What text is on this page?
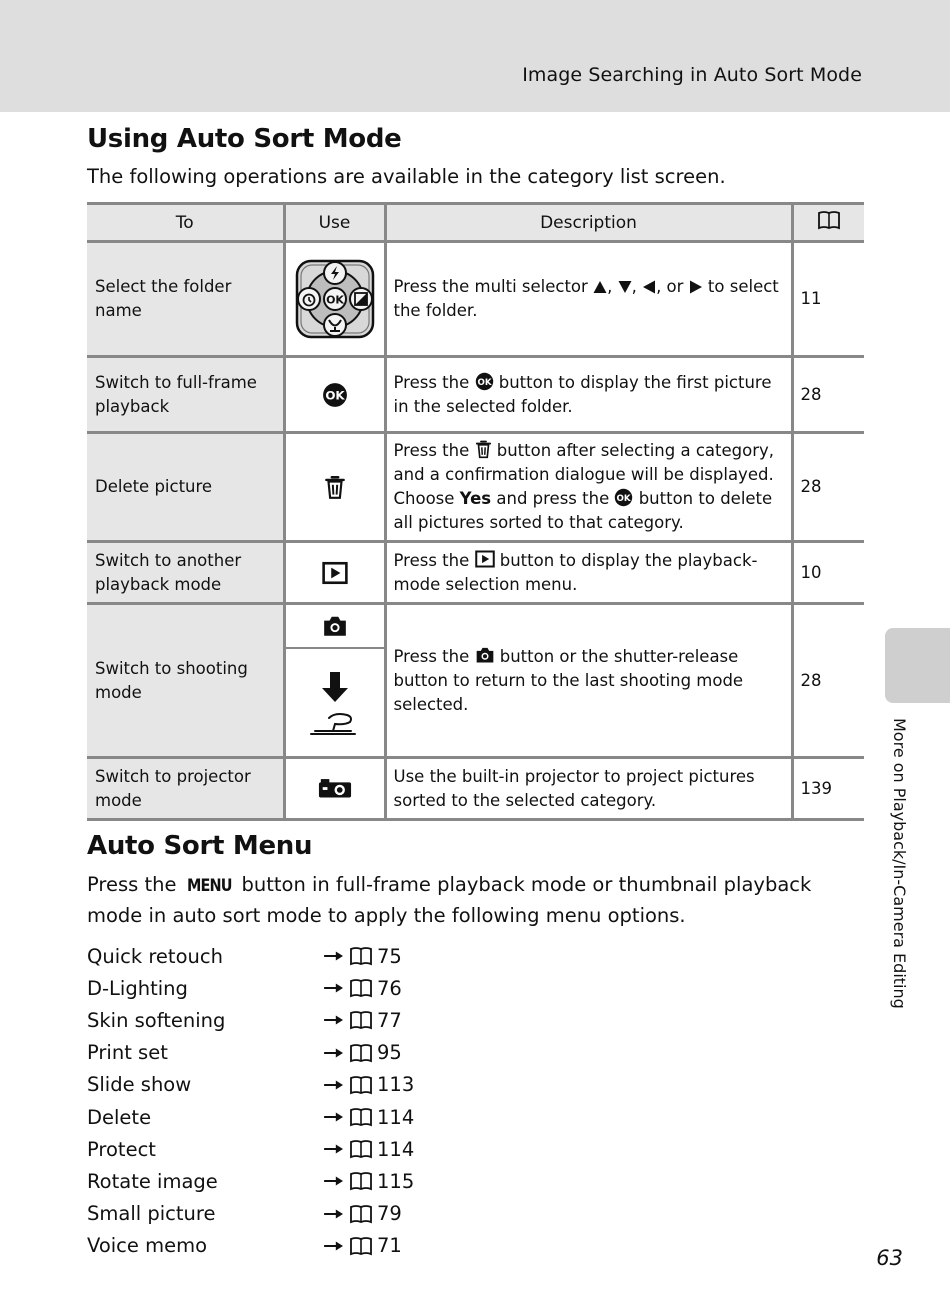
Image Searching in Auto Sort Mode
Using Auto Sort Mode
The following operations are available in the category list screen.
To	Use	Description	
Select the folder name	OK	Press the multi selector , , , or  to select the folder.	11
Switch to full-frame playback		Press the  button to display the first picture in the selected folder.	28
Delete picture		Press the  button after selecting a category, and a confirmation dialogue will be displayed. Choose Yes and press the  button to delete all pictures sorted to that category.	28
Switch to another playback mode		Press the  button to display the playback-mode selection menu.	10
Switch to shooting mode		Press the  button or the shutter-release button to return to the last shooting mode selected.	28
Switch to projector mode		Use the built-in projector to project pictures sorted to the selected category.	139
Auto Sort Menu
Press the MENU button in full-frame playback mode or thumbnail playback mode in auto sort mode to apply the following menu options.
Quick retouch	75
D-Lighting	76
Skin softening	77
Print set	95
Slide show	113
Delete	114
Protect	114
Rotate image	115
Small picture	79
Voice memo	71
More on Playback/In-Camera Editing
63
